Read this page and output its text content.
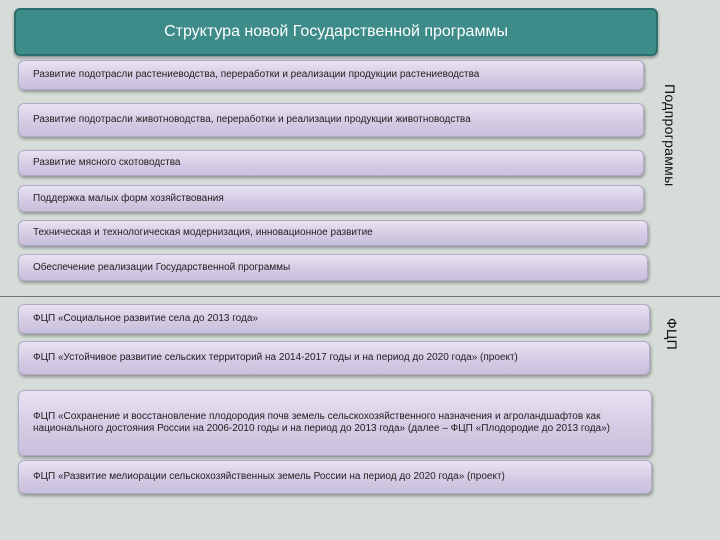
Структура новой Государственной программы
Развитие подотрасли растениеводства, переработки и реализации продукции растениеводства
Развитие подотрасли животноводства, переработки и реализации продукции животноводства
Развитие мясного скотоводства
Поддержка малых форм хозяйствования
Техническая и технологическая модернизация, инновационное развитие
Обеспечение реализации Государственной программы
Подпрограммы
ФЦП «Социальное развитие села до 2013 года»
ФЦП «Устойчивое развитие сельских территорий на 2014-2017 годы и на период до 2020 года» (проект)
ФЦП «Сохранение и восстановление плодородия почв земель сельскохозяйственного назначения и агроландшафтов как национального достояния России на 2006-2010 годы и на период до 2013 года» (далее – ФЦП «Плодородие до 2013 года»)
ФЦП «Развитие мелиорации сельскохозяйственных земель России на период до 2020 года» (проект)
ФЦП
